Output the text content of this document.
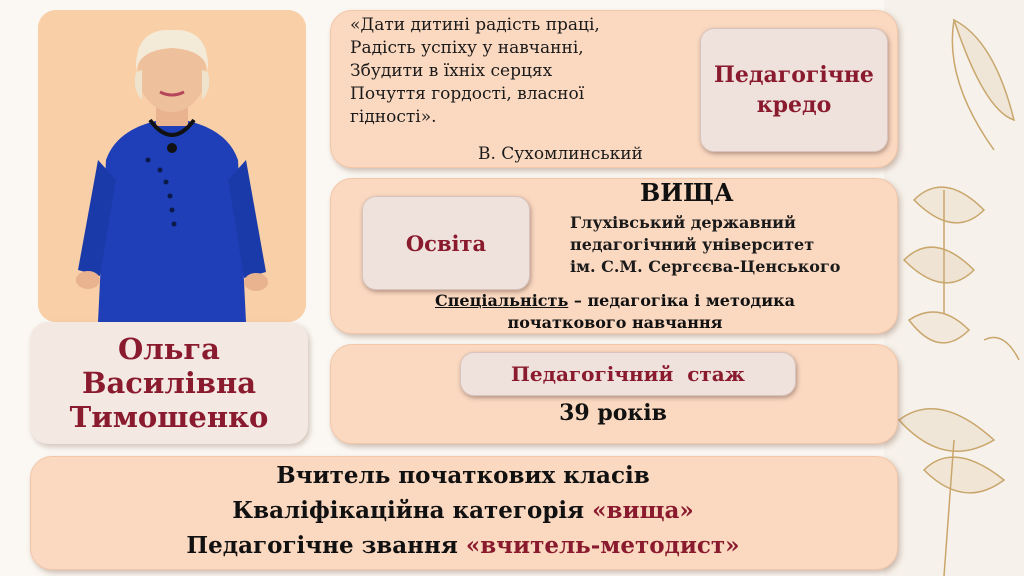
Ольга
Василівна
Тимошенко
«Дати дитині радість праці,
Радість успіху у навчанні,
Збудити в їхніх серцях
Почуття гордості, власної
гідності».
В. Сухомлинський
Педагогічне
кредо
Освіта
ВИЩА
Глухівський державний
педагогічний університет
ім. С.М. Сергєєва-Ценського
Спеціальність – педагогіка і методика
початкового навчання
Педагогічний  стаж
39 років
Вчитель початкових класів
Кваліфікаційна категорія «вища»
Педагогічне звання «вчитель-методист»
